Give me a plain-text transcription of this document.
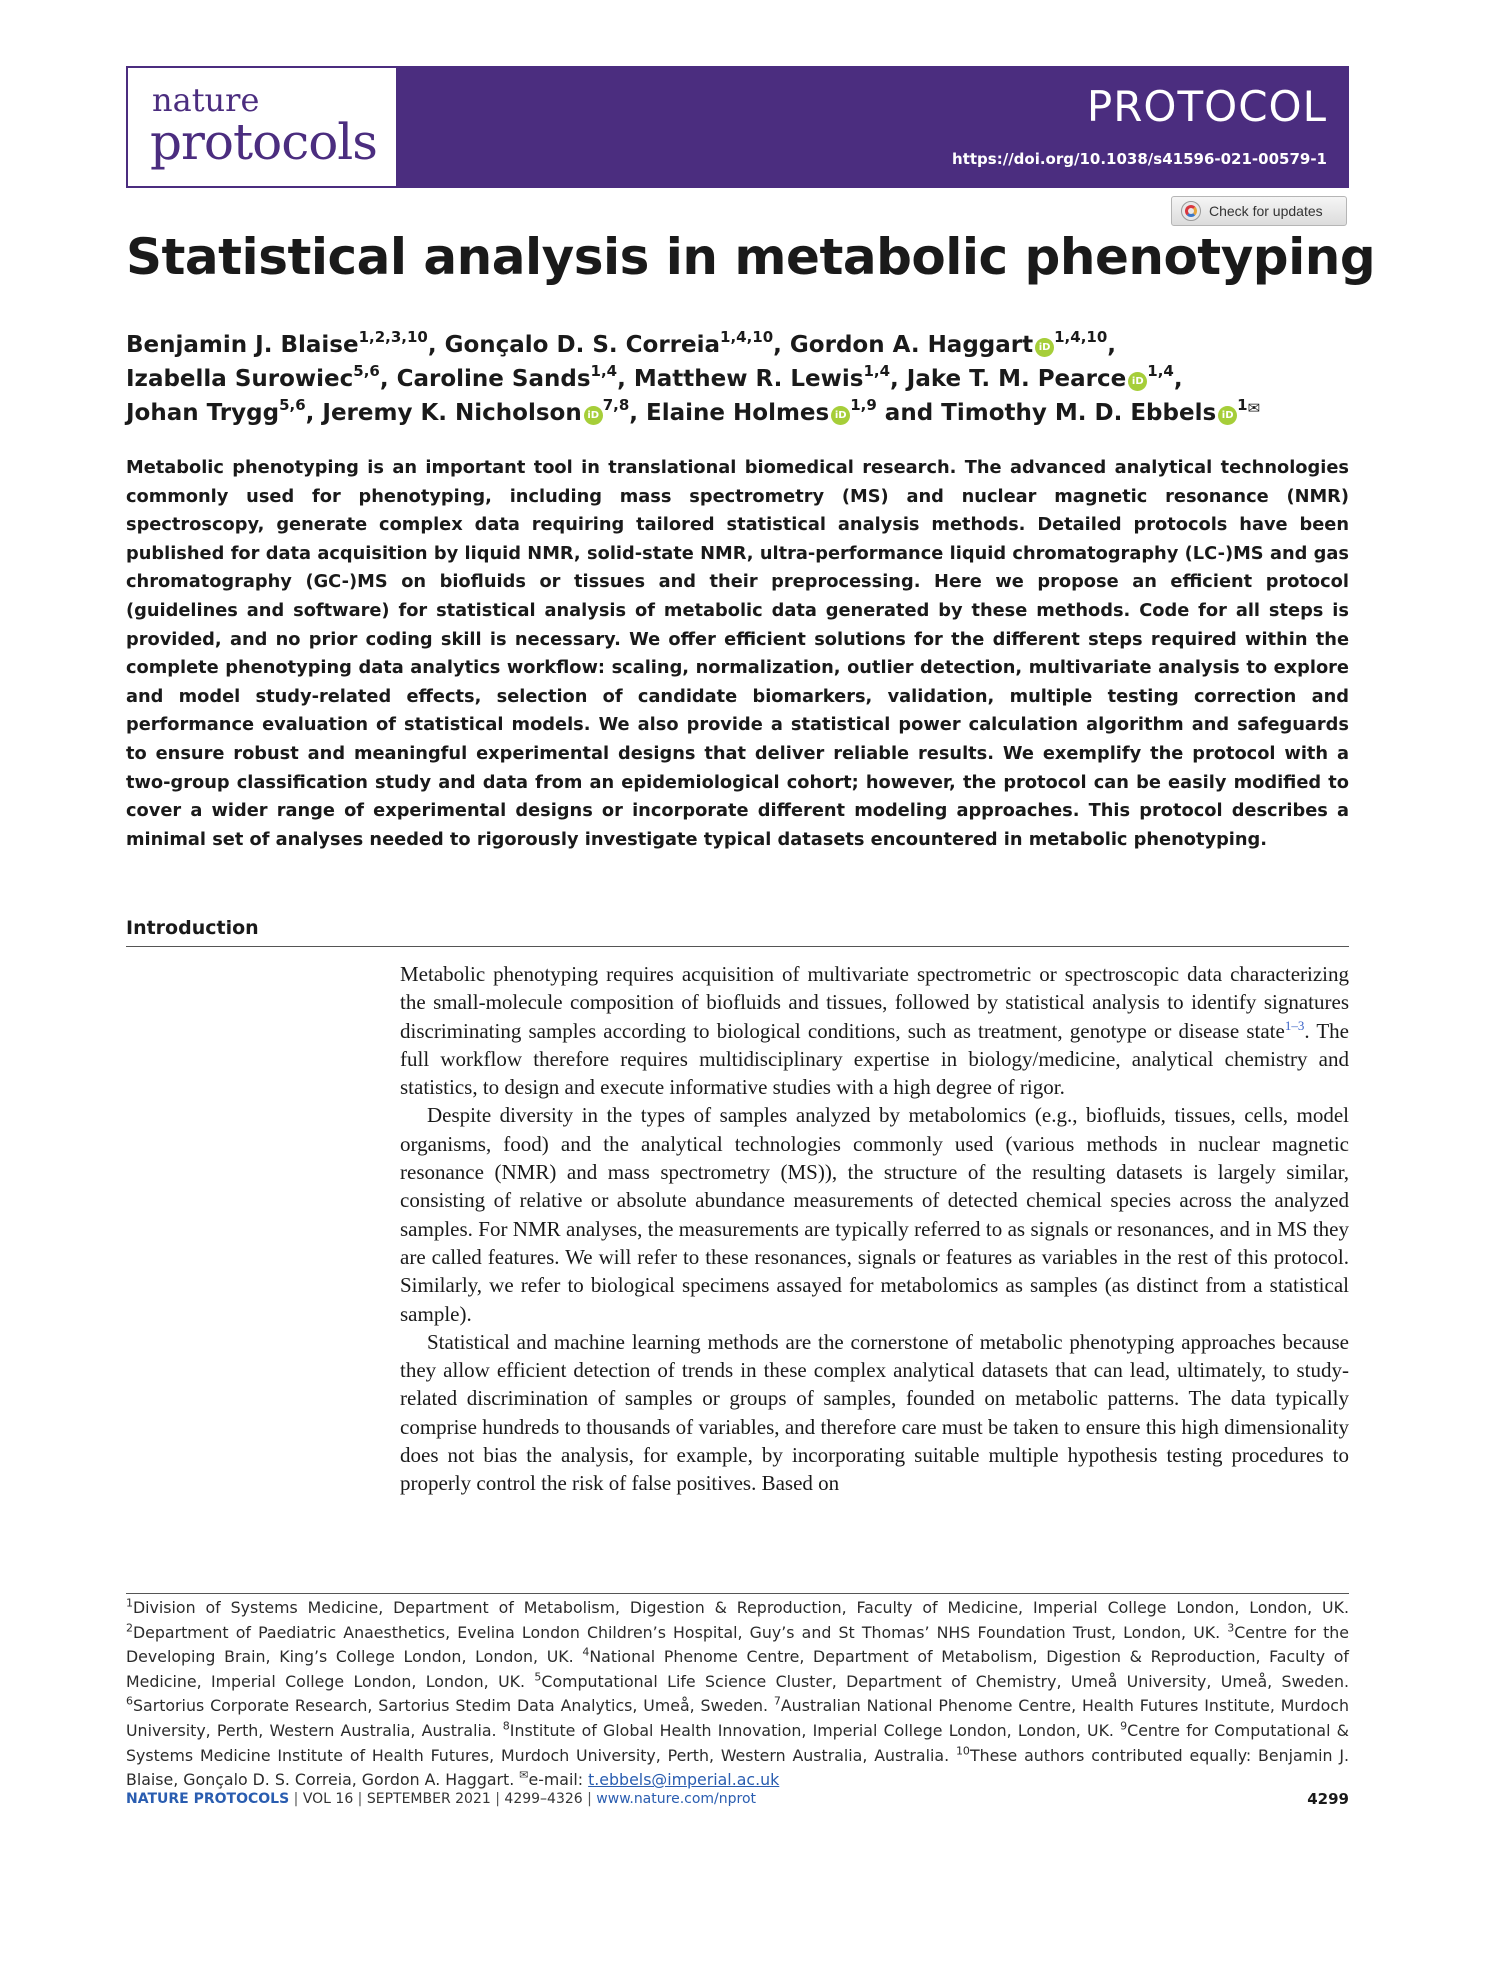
nature
protocols
PROTOCOL
https://doi.org/10.1038/s41596-021-00579-1
Check for updates
Statistical analysis in metabolic phenotyping
Benjamin J. Blaise$^{1,2,3,10}$, Gonçalo D. S. Correia$^{1,4,10}$, Gordon A. Haggart iD$^{1,4,10}$,
Izabella Surowiec$^{5,6}$, Caroline Sands$^{1,4}$, Matthew R. Lewis$^{1,4}$, Jake T. M. Pearce iD$^{1,4}$,
Johan Trygg$^{5,6}$, Jeremy K. Nicholson iD$^{7,8}$, Elaine Holmes iD$^{1,9}$ and Timothy M. D. Ebbels $iD^{1✉}$

Metabolic phenotyping is an important tool in translational biomedical research. The advanced analytical technologies commonly used for phenotyping, including mass spectrometry (MS) and nuclear magnetic resonance (NMR) spectroscopy, generate complex data requiring tailored statistical analysis methods. Detailed protocols have been published for data acquisition by liquid NMR, solid-state NMR, ultra-performance liquid chromatography (LC-)MS and gas chromatography (GC-)MS on biofluids or tissues and their preprocessing. Here we propose an efficient protocol (guidelines and software) for statistical analysis of metabolic data generated by these methods. Code for all steps is provided, and no prior coding skill is necessary. We offer efficient solutions for the different steps required within the complete phenotyping data analytics workflow: scaling, normalization, outlier detection, multivariate analysis to explore and model study-related effects, selection of candidate biomarkers, validation, multiple testing correction and performance evaluation of statistical models. We also provide a statistical power calculation algorithm and safeguards to ensure robust and meaningful experimental designs that deliver reliable results. We exemplify the protocol with a two-group classification study and data from an epidemiological cohort; however, the protocol can be easily modified to cover a wider range of experimental designs or incorporate different modeling approaches. This protocol describes a minimal set of analyses needed to rigorously investigate typical datasets encountered in metabolic phenotyping.

Introduction

Metabolic phenotyping requires acquisition of multivariate spectrometric or spectroscopic data characterizing the small-molecule composition of biofluids and tissues, followed by statistical analysis to identify signatures discriminating samples according to biological conditions, such as treatment, genotype or disease state$^{1-3}$. The full workflow therefore requires multidisciplinary expertise in biology/medicine, analytical chemistry and statistics, to design and execute informative studies with a high degree of rigor.

Despite diversity in the types of samples analyzed by metabolomics (e.g., biofluids, tissues, cells, model organisms, food) and the analytical technologies commonly used (various methods in nuclear magnetic resonance (NMR) and mass spectrometry (MS)), the structure of the resulting datasets is largely similar, consisting of relative or absolute abundance measurements of detected chemical species across the analyzed samples. For NMR analyses, the measurements are typically referred to as signals or resonances, and in MS they are called features. We will refer to these resonances, signals or features as variables in the rest of this protocol. Similarly, we refer to biological specimens assayed for metabolomics as samples (as distinct from a statistical sample).

Statistical and machine learning methods are the cornerstone of metabolic phenotyping approaches because they allow efficient detection of trends in these complex analytical datasets that can lead, ultimately, to study-related discrimination of samples or groups of samples, founded on metabolic patterns. The data typically comprise hundreds to thousands of variables, and therefore care must be taken to ensure this high dimensionality does not bias the analysis, for example, by incorporating suitable multiple hypothesis testing procedures to properly control the risk of false positives. Based on

$^1$Division of Systems Medicine, Department of Metabolism, Digestion & Reproduction, Faculty of Medicine, Imperial College London, London, UK. $^2$Department of Paediatric Anaesthetics, Evelina London Children’s Hospital, Guy’s and St Thomas’ NHS Foundation Trust, London, UK. $^3$Centre for the Developing Brain, King’s College London, London, UK. $^4$National Phenome Centre, Department of Metabolism, Digestion & Reproduction, Faculty of Medicine, Imperial College London, London, UK. $^5$Computational Life Science Cluster, Department of Chemistry, Umeå University, Umeå, Sweden. $^6$Sartorius Corporate Research, Sartorius Stedim Data Analytics, Umeå, Sweden. $^7$Australian National Phenome Centre, Health Futures Institute, Murdoch University, Perth, Western Australia, Australia. $^8$Institute of Global Health Innovation, Imperial College London, London, UK. $^9$Centre for Computational & Systems Medicine Institute of Health Futures, Murdoch University, Perth, Western Australia, Australia. $^{10}$These authors contributed equally: Benjamin J. Blaise, Gonçalo D. S. Correia, Gordon A. Haggart. ✉e-mail: t.ebbels@imperial.ac.uk
NATURE PROTOCOLS | VOL 16 | SEPTEMBER 2021 | 4299–4326 | www.nature.com/nprot	4299
